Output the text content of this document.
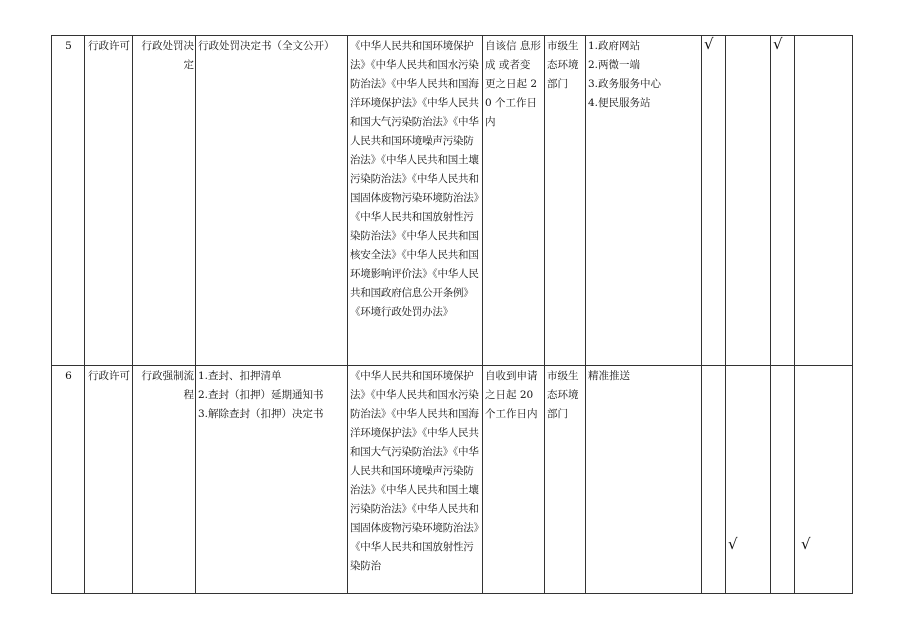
5	行政许可	行政处罚决定	行政处罚决定书（全文公开）	《中华人民共和国环境保护法》《中华人民共和国水污染防治法》《中华人民共和国海洋环境保护法》《中华人民共和国大气污染防治法》《中华人民共和国环境噪声污染防治法》《中华人民共和国土壤污染防治法》《中华人民共和国固体废物污染环境防治法》《中华人民共和国放射性污染防治法》《中华人民共和国核安全法》《中华人民共和国环境影响评价法》《中华人民共和国政府信息公开条例》《环境行政处罚办法》	自该信 息形成 或者变 更之日起 20 个工作日内	市级生态环境部门	1.政府网站
2.两微一端
3.政务服务中心
4.便民服务站	√		√	

6	行政许可	行政强制流程	1.查封、扣押清单
2.查封（扣押）延期通知书
3.解除查封（扣押）决定书	《中华人民共和国环境保护法》《中华人民共和国水污染防治法》《中华人民共和国海洋环境保护法》《中华人民共和国大气污染防治法》《中华人民共和国环境噪声污染防治法》《中华人民共和国土壤污染防治法》《中华人民共和国固体废物污染环境防治法》《中华人民共和国放射性污染防治	自收到申请之日起 20 个工作日内	市级生态环境部门	精准推送		√		√
